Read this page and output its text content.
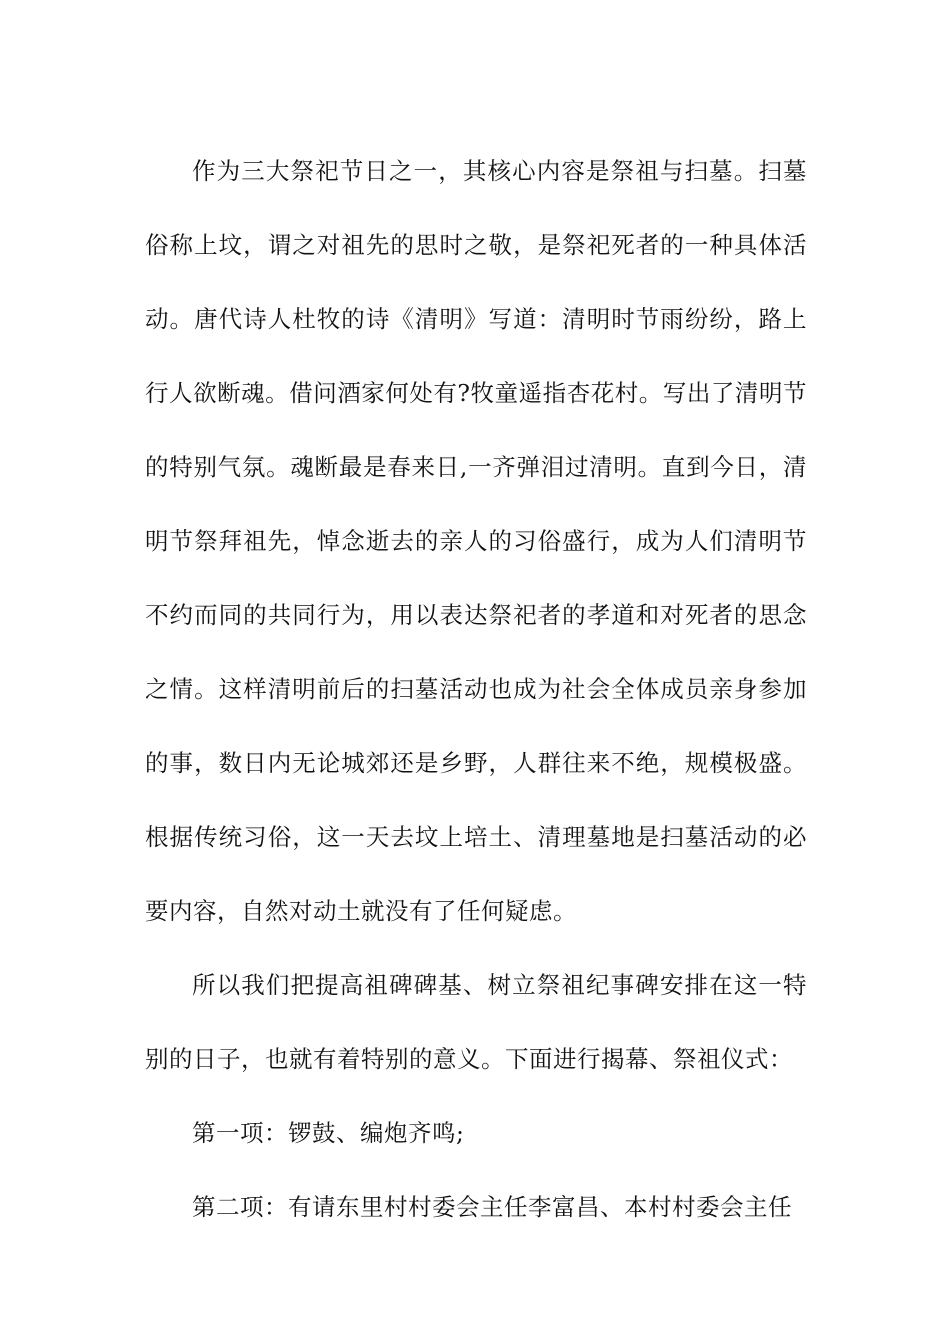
作为三大祭祀节日之一，其核心内容是祭祖与扫墓。扫墓俗称上坟，谓之对祖先的思时之敬，是祭祀死者的一种具体活动。唐代诗人杜牧的诗《清明》写道：清明时节雨纷纷，路上行人欲断魂。借问酒家何处有?牧童遥指杏花村。写出了清明节的特别气氛。魂断最是春来日,一齐弹泪过清明。直到今日，清明节祭拜祖先，悼念逝去的亲人的习俗盛行，成为人们清明节不约而同的共同行为，用以表达祭祀者的孝道和对死者的思念之情。这样清明前后的扫墓活动也成为社会全体成员亲身参加的事，数日内无论城郊还是乡野，人群往来不绝，规模极盛。根据传统习俗，这一天去坟上培土、清理墓地是扫墓活动的必要内容，自然对动土就没有了任何疑虑。

所以我们把提高祖碑碑基、树立祭祖纪事碑安排在这一特别的日子，也就有着特别的意义。下面进行揭幕、祭祖仪式：

第一项：锣鼓、编炮齐鸣;

第二项：有请东里村村委会主任李富昌、本村村委会主任
